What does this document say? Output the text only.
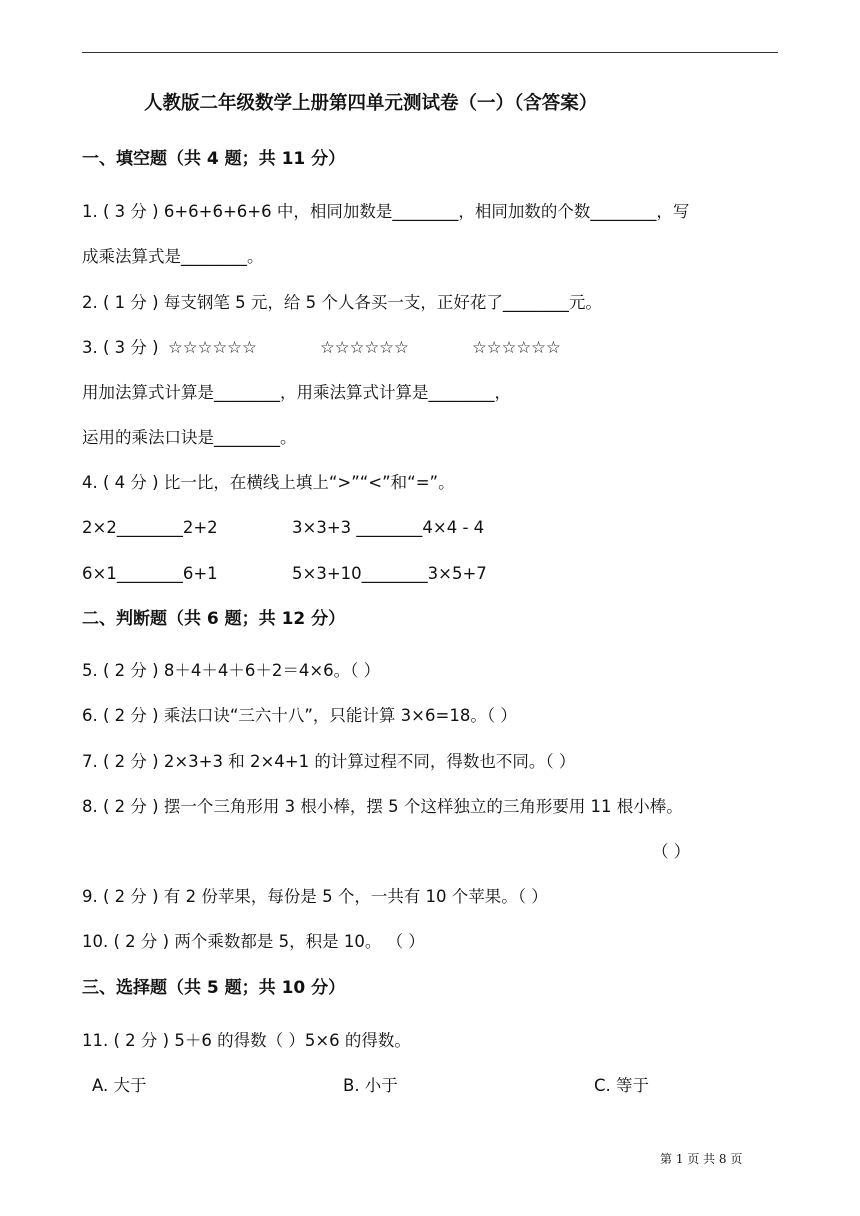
人教版二年级数学上册第四单元测试卷（一）（含答案）
一、填空题（共 4 题；共 11 分）
1. ( 3 分 ) 6+6+6+6+6 中，相同加数是________，相同加数的个数________，写
成乘法算式是________。
2. ( 1 分 ) 每支钢笔 5 元，给 5 个人各买一支，正好花了________元。
3. ( 3 分 ) ☆☆☆☆☆☆	☆☆☆☆☆☆	☆☆☆☆☆☆
用加法算式计算是________，用乘法算式计算是________，
运用的乘法口诀是________。
4. ( 4 分 ) 比一比，在横线上填上“>”“<”和“=”。
2×2________2+2	3×3+3 ________4×4 - 4
6×1________6+1	5×3+10________3×5+7
二、判断题（共 6 题；共 12 分）
5. ( 2 分 ) 8＋4＋4＋6＋2＝4×6。（ ）
6. ( 2 分 ) 乘法口诀“三六十八”，只能计算 3×6=18。（ ）
7. ( 2 分 ) 2×3+3 和 2×4+1 的计算过程不同，得数也不同。（ ）
8. ( 2 分 ) 摆一个三角形用 3 根小棒，摆 5 个这样独立的三角形要用 11 根小棒。
（ ）
9. ( 2 分 ) 有 2 份苹果，每份是 5 个，一共有 10 个苹果。（ ）
10. ( 2 分 ) 两个乘数都是 5，积是 10。 （ ）
三、选择题（共 5 题；共 10 分）
11. ( 2 分 ) 5＋6 的得数（ ）5×6 的得数。
A. 大于	B. 小于	C. 等于
第 1 页 共 8 页
